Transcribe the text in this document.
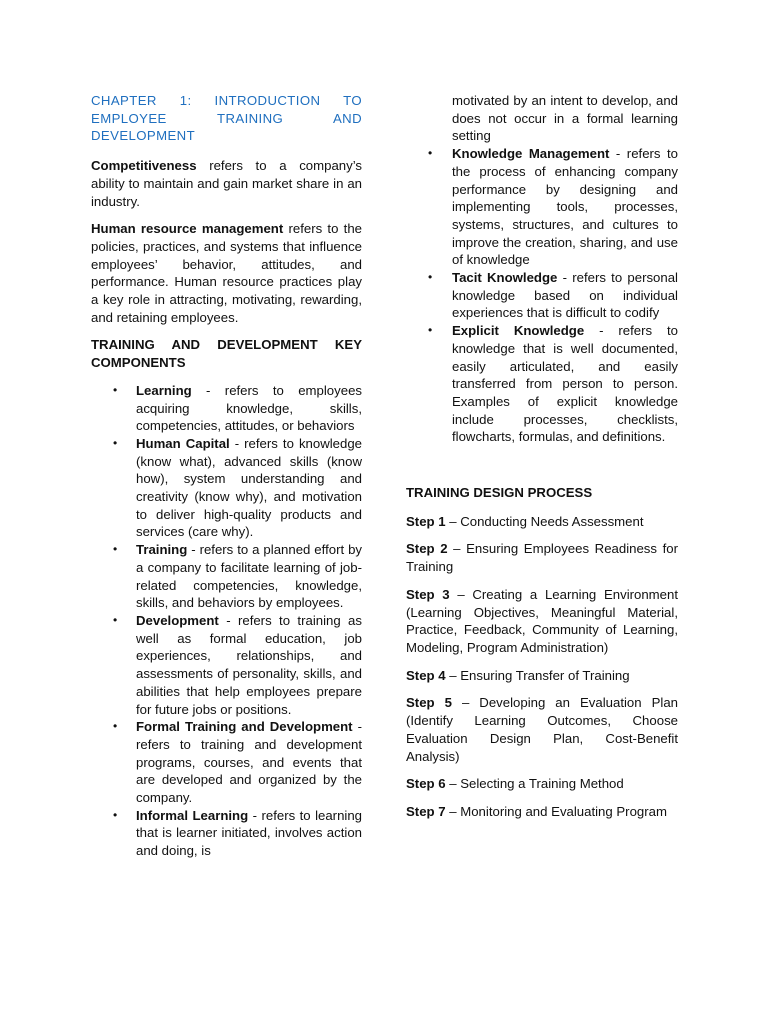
CHAPTER 1: INTRODUCTION TO EMPLOYEE TRAINING AND DEVELOPMENT

Competitiveness refers to a company’s ability to maintain and gain market share in an industry.

Human resource management refers to the policies, practices, and systems that influence employees’ behavior, attitudes, and performance. Human resource practices play a key role in attracting, motivating, rewarding, and retaining employees.

TRAINING AND DEVELOPMENT KEY COMPONENTS

• Learning - refers to employees acquiring knowledge, skills, competencies, attitudes, or behaviors
• Human Capital - refers to knowledge (know what), advanced skills (know how), system understanding and creativity (know why), and motivation to deliver high-quality products and services (care why).
• Training - refers to a planned effort by a company to facilitate learning of job-related competencies, knowledge, skills, and behaviors by employees.
• Development - refers to training as well as formal education, job experiences, relationships, and assessments of personality, skills, and abilities that help employees prepare for future jobs or positions.
• Formal Training and Development - refers to training and development programs, courses, and events that are developed and organized by the company.
• Informal Learning - refers to learning that is learner initiated, involves action and doing, is

motivated by an intent to develop, and does not occur in a formal learning setting

• Knowledge Management - refers to the process of enhancing company performance by designing and implementing tools, processes, systems, structures, and cultures to improve the creation, sharing, and use of knowledge
• Tacit Knowledge - refers to personal knowledge based on individual experiences that is difficult to codify
• Explicit Knowledge - refers to knowledge that is well documented, easily articulated, and easily transferred from person to person. Examples of explicit knowledge include processes, checklists, flowcharts, formulas, and definitions.

TRAINING DESIGN PROCESS

Step 1 – Conducting Needs Assessment

Step 2 – Ensuring Employees Readiness for Training

Step 3 – Creating a Learning Environment (Learning Objectives, Meaningful Material, Practice, Feedback, Community of Learning, Modeling, Program Administration)

Step 4 – Ensuring Transfer of Training

Step 5 – Developing an Evaluation Plan (Identify Learning Outcomes, Choose Evaluation Design Plan, Cost-Benefit Analysis)

Step 6 – Selecting a Training Method

Step 7 – Monitoring and Evaluating Program
